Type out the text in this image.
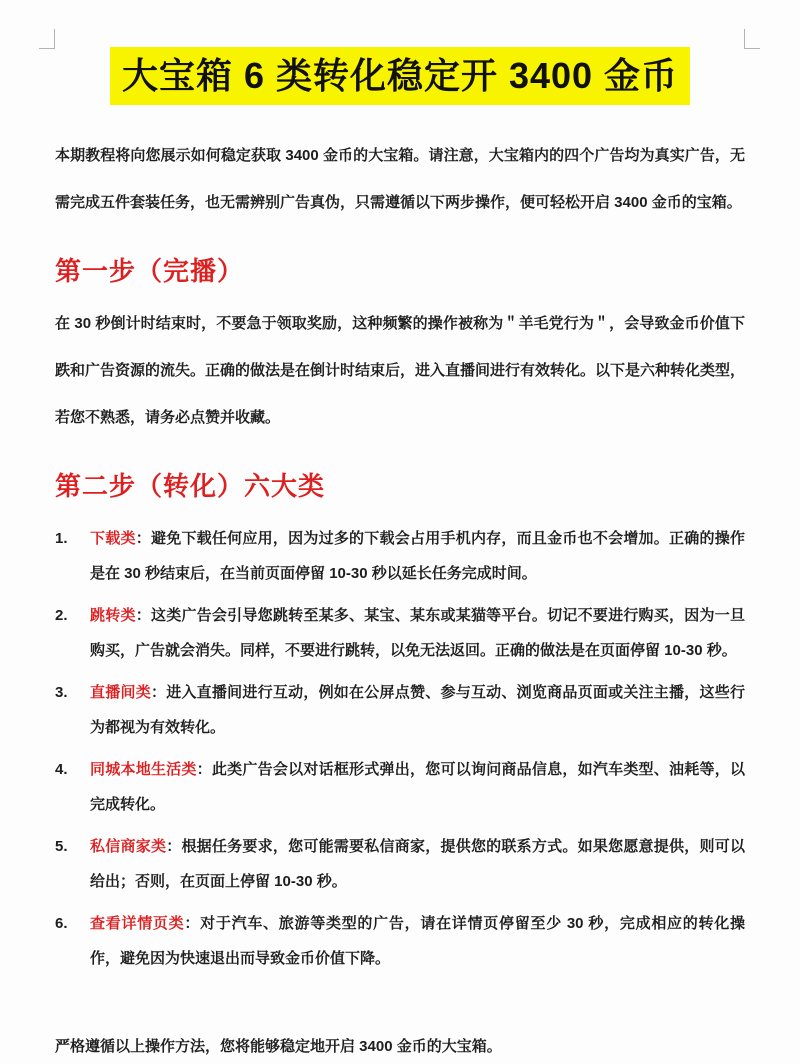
大宝箱 6 类转化稳定开 3400 金币

本期教程将向您展示如何稳定获取 3400 金币的大宝箱。请注意，大宝箱内的四个广告均为真实广告，无需完成五件套装任务，也无需辨别广告真伪，只需遵循以下两步操作，便可轻松开启 3400 金币的宝箱。

第一步（完播）

在 30 秒倒计时结束时，不要急于领取奖励，这种频繁的操作被称为＂羊毛党行为＂，会导致金币价值下跌和广告资源的流失。正确的做法是在倒计时结束后，进入直播间进行有效转化。以下是六种转化类型，若您不熟悉，请务必点赞并收藏。

第二步（转化）六大类
1.	下载类：避免下载任何应用，因为过多的下载会占用手机内存，而且金币也不会增加。正确的操作是在 30 秒结束后，在当前页面停留 10-30 秒以延长任务完成时间。
2.	跳转类：这类广告会引导您跳转至某多、某宝、某东或某猫等平台。切记不要进行购买，因为一旦购买，广告就会消失。同样，不要进行跳转，以免无法返回。正确的做法是在页面停留 10-30 秒。
3.	直播间类：进入直播间进行互动，例如在公屏点赞、参与互动、浏览商品页面或关注主播，这些行为都视为有效转化。
4.	同城本地生活类：此类广告会以对话框形式弹出，您可以询问商品信息，如汽车类型、油耗等，以完成转化。
5.	私信商家类：根据任务要求，您可能需要私信商家，提供您的联系方式。如果您愿意提供，则可以给出；否则，在页面上停留 10-30 秒。
6.	查看详情页类：对于汽车、旅游等类型的广告，请在详情页停留至少 30 秒，完成相应的转化操作，避免因为快速退出而导致金币价值下降。

严格遵循以上操作方法，您将能够稳定地开启 3400 金币的大宝箱。
